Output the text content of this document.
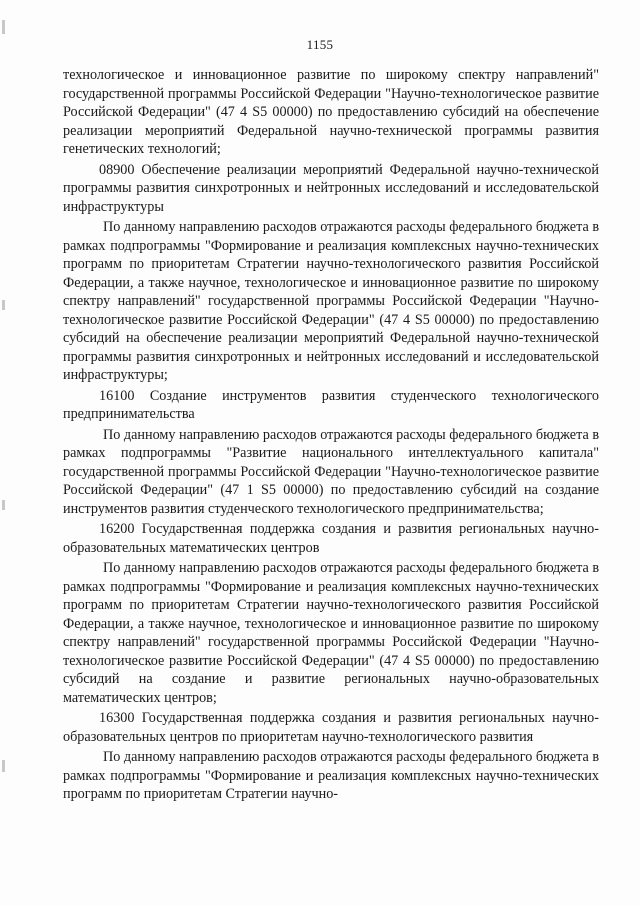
1155

технологическое и инновационное развитие по широкому спектру направлений" государственной программы Российской Федерации "Научно-технологическое развитие Российской Федерации" (47 4 S5 00000) по предоставлению субсидий на обеспечение реализации мероприятий Федеральной научно-технической программы развития генетических технологий;

08900 Обеспечение реализации мероприятий Федеральной научно-технической программы развития синхротронных и нейтронных исследований и исследовательской инфраструктуры

По данному направлению расходов отражаются расходы федерального бюджета в рамках подпрограммы "Формирование и реализация комплексных научно-технических программ по приоритетам Стратегии научно-технологического развития Российской Федерации, а также научное, технологическое и инновационное развитие по широкому спектру направлений" государственной программы Российской Федерации "Научно-технологическое развитие Российской Федерации" (47 4 S5 00000) по предоставлению субсидий на обеспечение реализации мероприятий Федеральной научно-технической программы развития синхротронных и нейтронных исследований и исследовательской инфраструктуры;

16100 Создание инструментов развития студенческого технологического предпринимательства

По данному направлению расходов отражаются расходы федерального бюджета в рамках подпрограммы "Развитие национального интеллектуального капитала" государственной программы Российской Федерации "Научно-технологическое развитие Российской Федерации" (47 1 S5 00000) по предоставлению субсидий на создание инструментов развития студенческого технологического предпринимательства;

16200 Государственная поддержка создания и развития региональных научно-образовательных математических центров

По данному направлению расходов отражаются расходы федерального бюджета в рамках подпрограммы "Формирование и реализация комплексных научно-технических программ по приоритетам Стратегии научно-технологического развития Российской Федерации, а также научное, технологическое и инновационное развитие по широкому спектру направлений" государственной программы Российской Федерации "Научно-технологическое развитие Российской Федерации" (47 4 S5 00000) по предоставлению субсидий на создание и развитие региональных научно-образовательных математических центров;

16300 Государственная поддержка создания и развития региональных научно-образовательных центров по приоритетам научно-технологического развития

По данному направлению расходов отражаются расходы федерального бюджета в рамках подпрограммы "Формирование и реализация комплексных научно-технических программ по приоритетам Стратегии научно-
